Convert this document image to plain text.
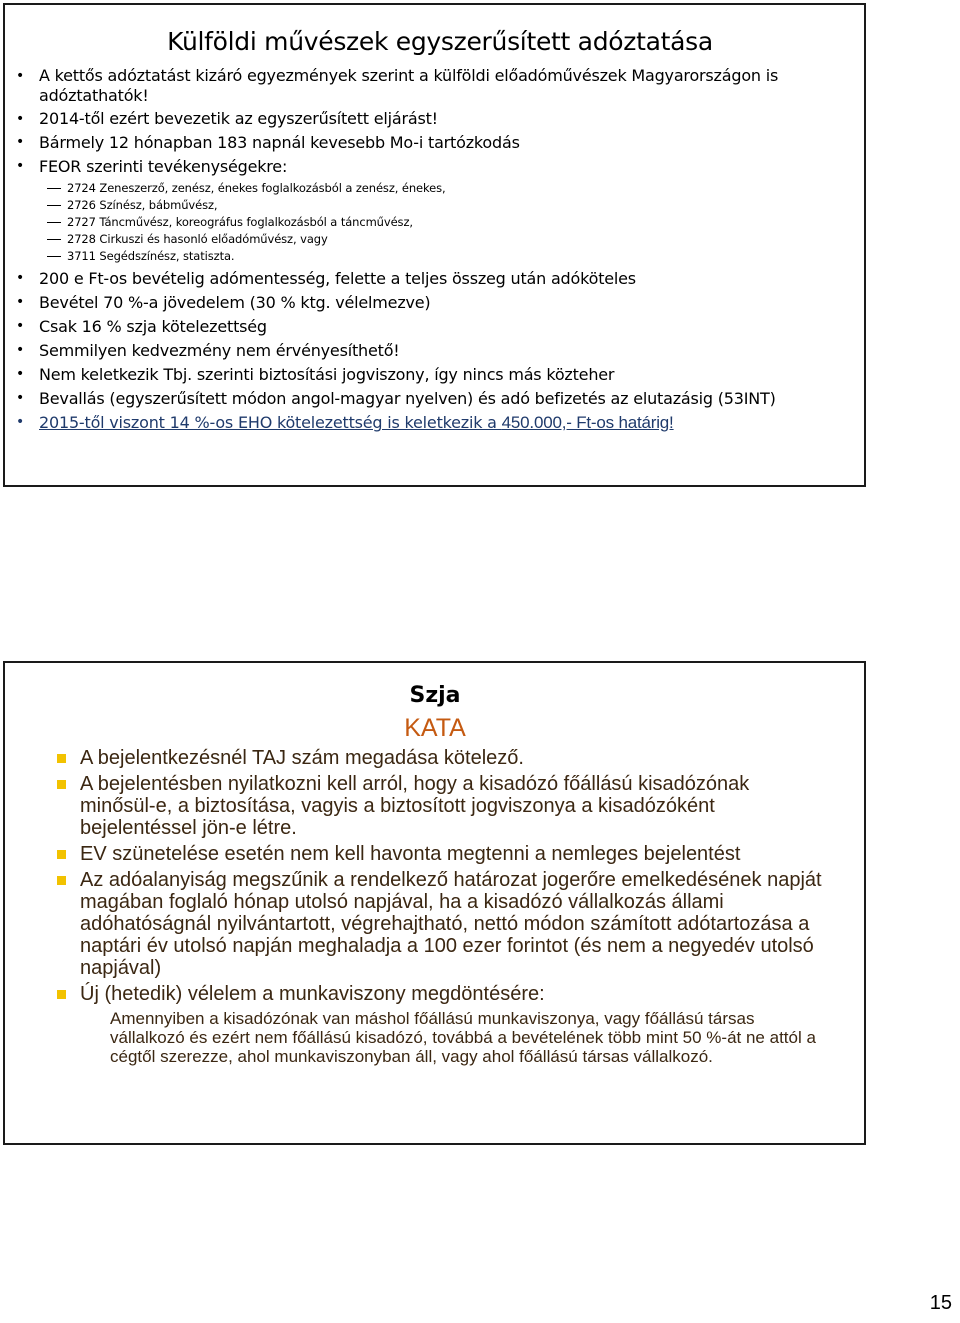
Külföldi művészek egyszerűsített adóztatása
• A kettős adóztatást kizáró egyezmények szerint a külföldi előadóművészek Magyarországon is adóztathatók!
• 2014-től ezért bevezetik az egyszerűsített eljárást!
• Bármely 12 hónapban 183 napnál kevesebb Mo-i tartózkodás
• FEOR szerinti tevékenységekre:
2724 Zeneszerző, zenész, énekes foglalkozásból a zenész, énekes,
2726 Színész, bábművész,
2727 Táncművész, koreográfus foglalkozásból a táncművész,
2728 Cirkuszi és hasonló előadóművész, vagy
3711 Segédszínész, statiszta.
• 200 e Ft-os bevételig adómentesség, felette a teljes összeg után adóköteles
• Bevétel 70 %-a jövedelem (30 % ktg. vélelmezve)
• Csak 16 % szja kötelezettség
• Semmilyen kedvezmény nem érvényesíthető!
• Nem keletkezik Tbj. szerinti biztosítási jogviszony, így nincs más közteher
• Bevallás (egyszerűsített módon angol-magyar nyelven) és adó befizetés az elutazásig (53INT)
• 2015-től viszont 14 %-os EHO kötelezettség is keletkezik a 450.000,- Ft-os határig!
Szja
KATA
A bejelentkezésnél TAJ szám megadása kötelező.
A bejelentésben nyilatkozni kell arról, hogy a kisadózó főállású kisadózónak minősül-e, a biztosítása, vagyis a biztosított jogviszonya a kisadózóként bejelentéssel jön-e létre.
EV szünetelése esetén nem kell havonta megtenni a nemleges bejelentést
Az adóalanyiság megszűnik a rendelkező határozat jogerőre emelkedésének napját magában foglaló hónap utolsó napjával, ha a kisadózó vállalkozás állami adóhatóságnál nyilvántartott, végrehajtható, nettó módon számított adótartozása a naptári év utolsó napján meghaladja a 100 ezer forintot (és nem a negyedév utolsó napjával)
Új (hetedik) vélelem a munkaviszony megdöntésére:
Amennyiben a kisadózónak van máshol főállású munkaviszonya, vagy főállású társas vállalkozó és ezért nem főállású kisadózó, továbbá a bevételének több mint 50 %-át ne attól a cégtől szerezze, ahol munkaviszonyban áll, vagy ahol főállású társas vállalkozó.
15
